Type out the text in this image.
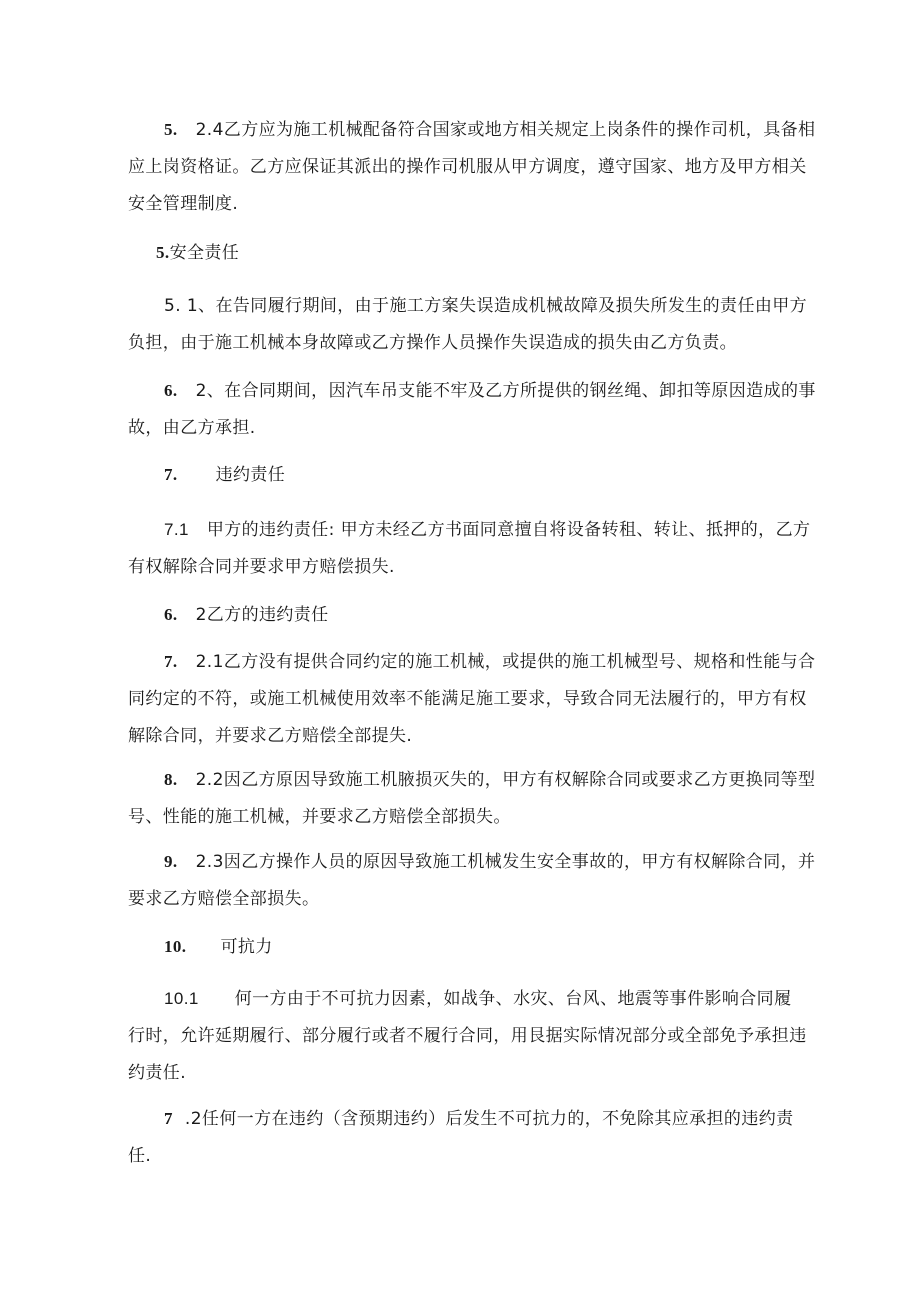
5. 2.4乙方应为施工机械配备符合国家或地方相关规定上岗条件的操作司机，具备相
应上岗资格证。乙方应保证其派出的操作司机服从甲方调度，遵守国家、地方及甲方相关
安全管理制度.
5.安全责任
5. 1、在告同履行期间，由于施工方案失误造成机械故障及损失所发生的责任由甲方
负担，由于施工机械本身故障或乙方操作人员操作失误造成的损失由乙方负责。
6. 2、在合同期间，因汽车吊支能不牢及乙方所提供的钢丝绳、卸扣等原因造成的事
故，由乙方承担.
7. 违约责任
7.1 甲方的违约责任: 甲方未经乙方书面同意擅自将设备转租、转让、抵押的，乙方
有权解除合同并要求甲方赔偿损失.
6. 2乙方的违约责任
7. 2.1乙方没有提供合同约定的施工机械，或提供的施工机械型号、规格和性能与合
同约定的不符，或施工机械使用效率不能满足施工要求，导致合同无法履行的，甲方有权
解除合同，并要求乙方赔偿全部提失.
8. 2.2因乙方原因导致施工机腋损灭失的，甲方有权解除合同或要求乙方更换同等型
号、性能的施工机械，并要求乙方赔偿全部损失。
9. 2.3因乙方操作人员的原因导致施工机械发生安全事故的，甲方有权解除合同，并
要求乙方赔偿全部损失。
10. 可抗力
10.1 何一方由于不可抗力因素，如战争、水灾、台风、地震等事件影响合同履
行时，允许延期履行、部分履行或者不履行合同，用艮据实际情况部分或全部免予承担违
约责任.
7 .2任何一方在违约（含预期违约）后发生不可抗力的，不免除其应承担的违约责
任.
